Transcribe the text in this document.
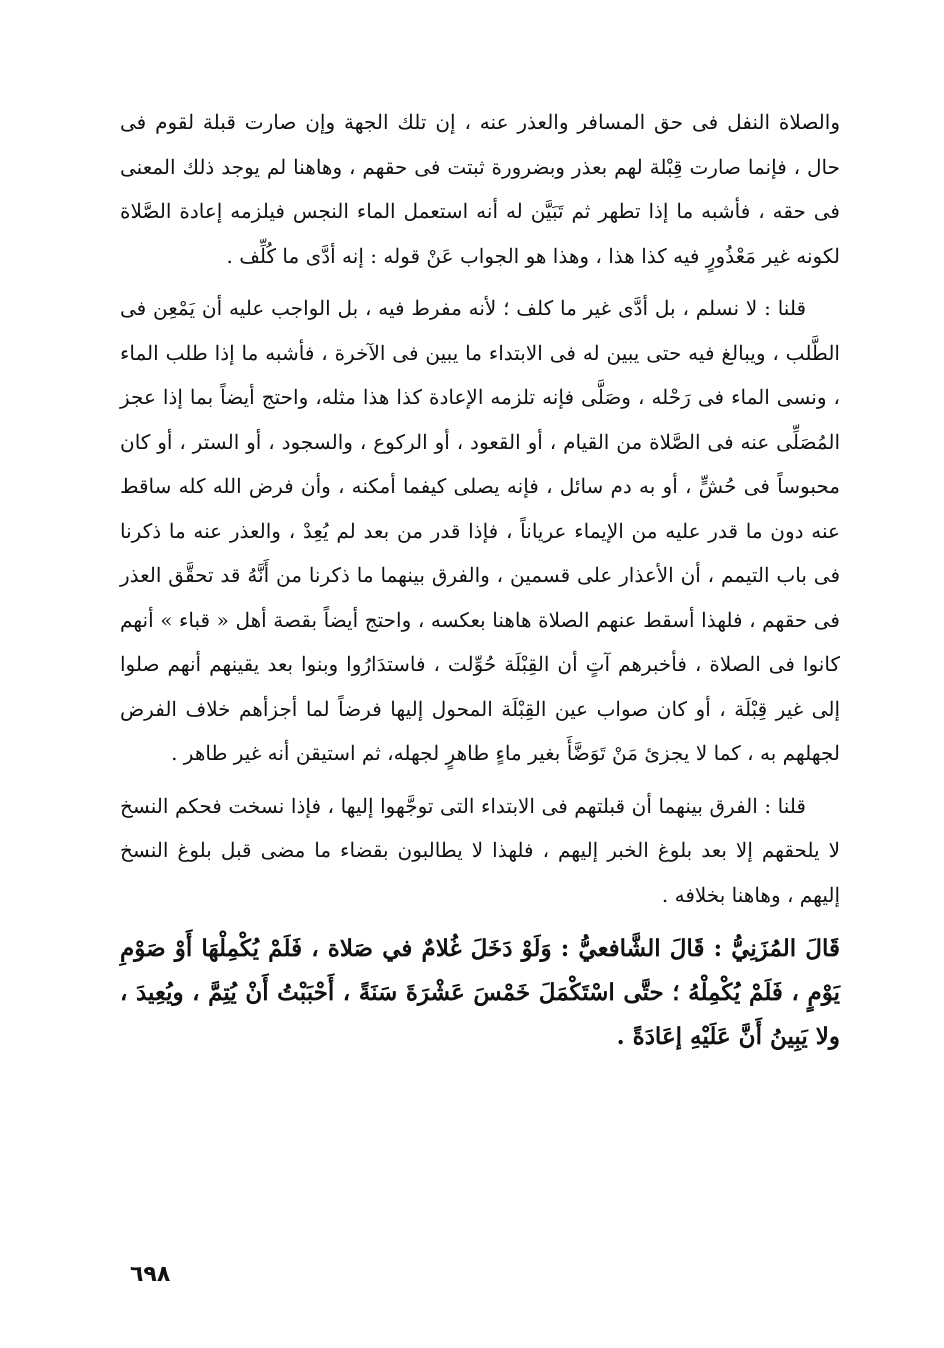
والصلاة النفل فى حق المسافر والعذر عنه ، إن تلك الجهة وإن صارت قبلة لقوم فى حال ، فإنما صارت قِبْلة لهم بعذر وبضرورة ثبتت فى حقهم ، وهاهنا لم يوجد ذلك المعنى فى حقه ، فأشبه ما إذا تطهر ثم تَبَيَّن له أنه استعمل الماء النجس فيلزمه إعادة الصَّلاة لكونه غير مَعْذُورٍ فيه كذا هذا ، وهذا هو الجواب عَنْ قوله : إنه أدَّى ما كُلِّف .

قلنا : لا نسلم ، بل أدَّى غير ما كلف ؛ لأنه مفرط فيه ، بل الواجب عليه أن يَمْعِن فى الطَّلب ، ويبالغ فيه حتى يبين له فى الابتداء ما يبين فى الآخرة ، فأشبه ما إذا طلب الماء ، ونسى الماء فى رَحْله ، وصَلَّى فإنه تلزمه الإعادة كذا هذا مثله، واحتج أيضاً بما إذا عجز المُصَلِّى عنه فى الصَّلاة من القيام ، أو القعود ، أو الركوع ، والسجود ، أو الستر ، أو كان محبوساً فى حُشٍّ ، أو به دم سائل ، فإنه يصلى كيفما أمكنه ، وأن فرض الله كله ساقط عنه دون ما قدر عليه من الإيماء عرياناً ، فإذا قدر من بعد لم يُعِدْ ، والعذر عنه ما ذكرنا فى باب التيمم ، أن الأعذار على قسمين ، والفرق بينهما ما ذكرنا من أَنَّهُ قد تحقَّق العذر فى حقهم ، فلهذا أسقط عنهم الصلاة هاهنا بعكسه ، واحتج أيضاً بقصة أهل « قباء » أنهم كانوا فى الصلاة ، فأخبرهم آتٍ أن القِبْلَة حُوِّلت ، فاستدَارُوا وبنوا بعد يقينهم أنهم صلوا إلى غير قِبْلَة ، أو كان صواب عين القِبْلَة المحول إليها فرضاً لما أجزأهم خلاف الفرض لجهلهم به ، كما لا يجزئ مَنْ تَوَضَّأَ بغير ماءٍ طاهرٍ لجهله، ثم استيقن أنه غير طاهر .

قلنا : الفرق بينهما أن قبلتهم فى الابتداء التى توجَّهوا إليها ، فإذا نسخت فحكم النسخ لا يلحقهم إلا بعد بلوغ الخبر إليهم ، فلهذا لا يطالبون بقضاء ما مضى قبل بلوغ النسخ إليهم ، وهاهنا بخلافه .

قَالَ المُزَنِيُّ : قَالَ الشَّافعيُّ : وَلَوْ دَخَلَ غُلامٌ في صَلاة ، فَلَمْ يُكْمِلْهَا أَوْ صَوْمِ يَوْمٍ ، فَلَمْ يُكْمِلْهُ ؛ حتَّى اسْتَكْمَلَ خَمْسَ عَشْرَةَ سَنَةً ، أَحْبَبْتُ أَنْ يُتِمَّ ، ويُعِيدَ ، ولا يَبِينُ أَنَّ عَلَيْهِ إعَادَةً .

٦٩٨
